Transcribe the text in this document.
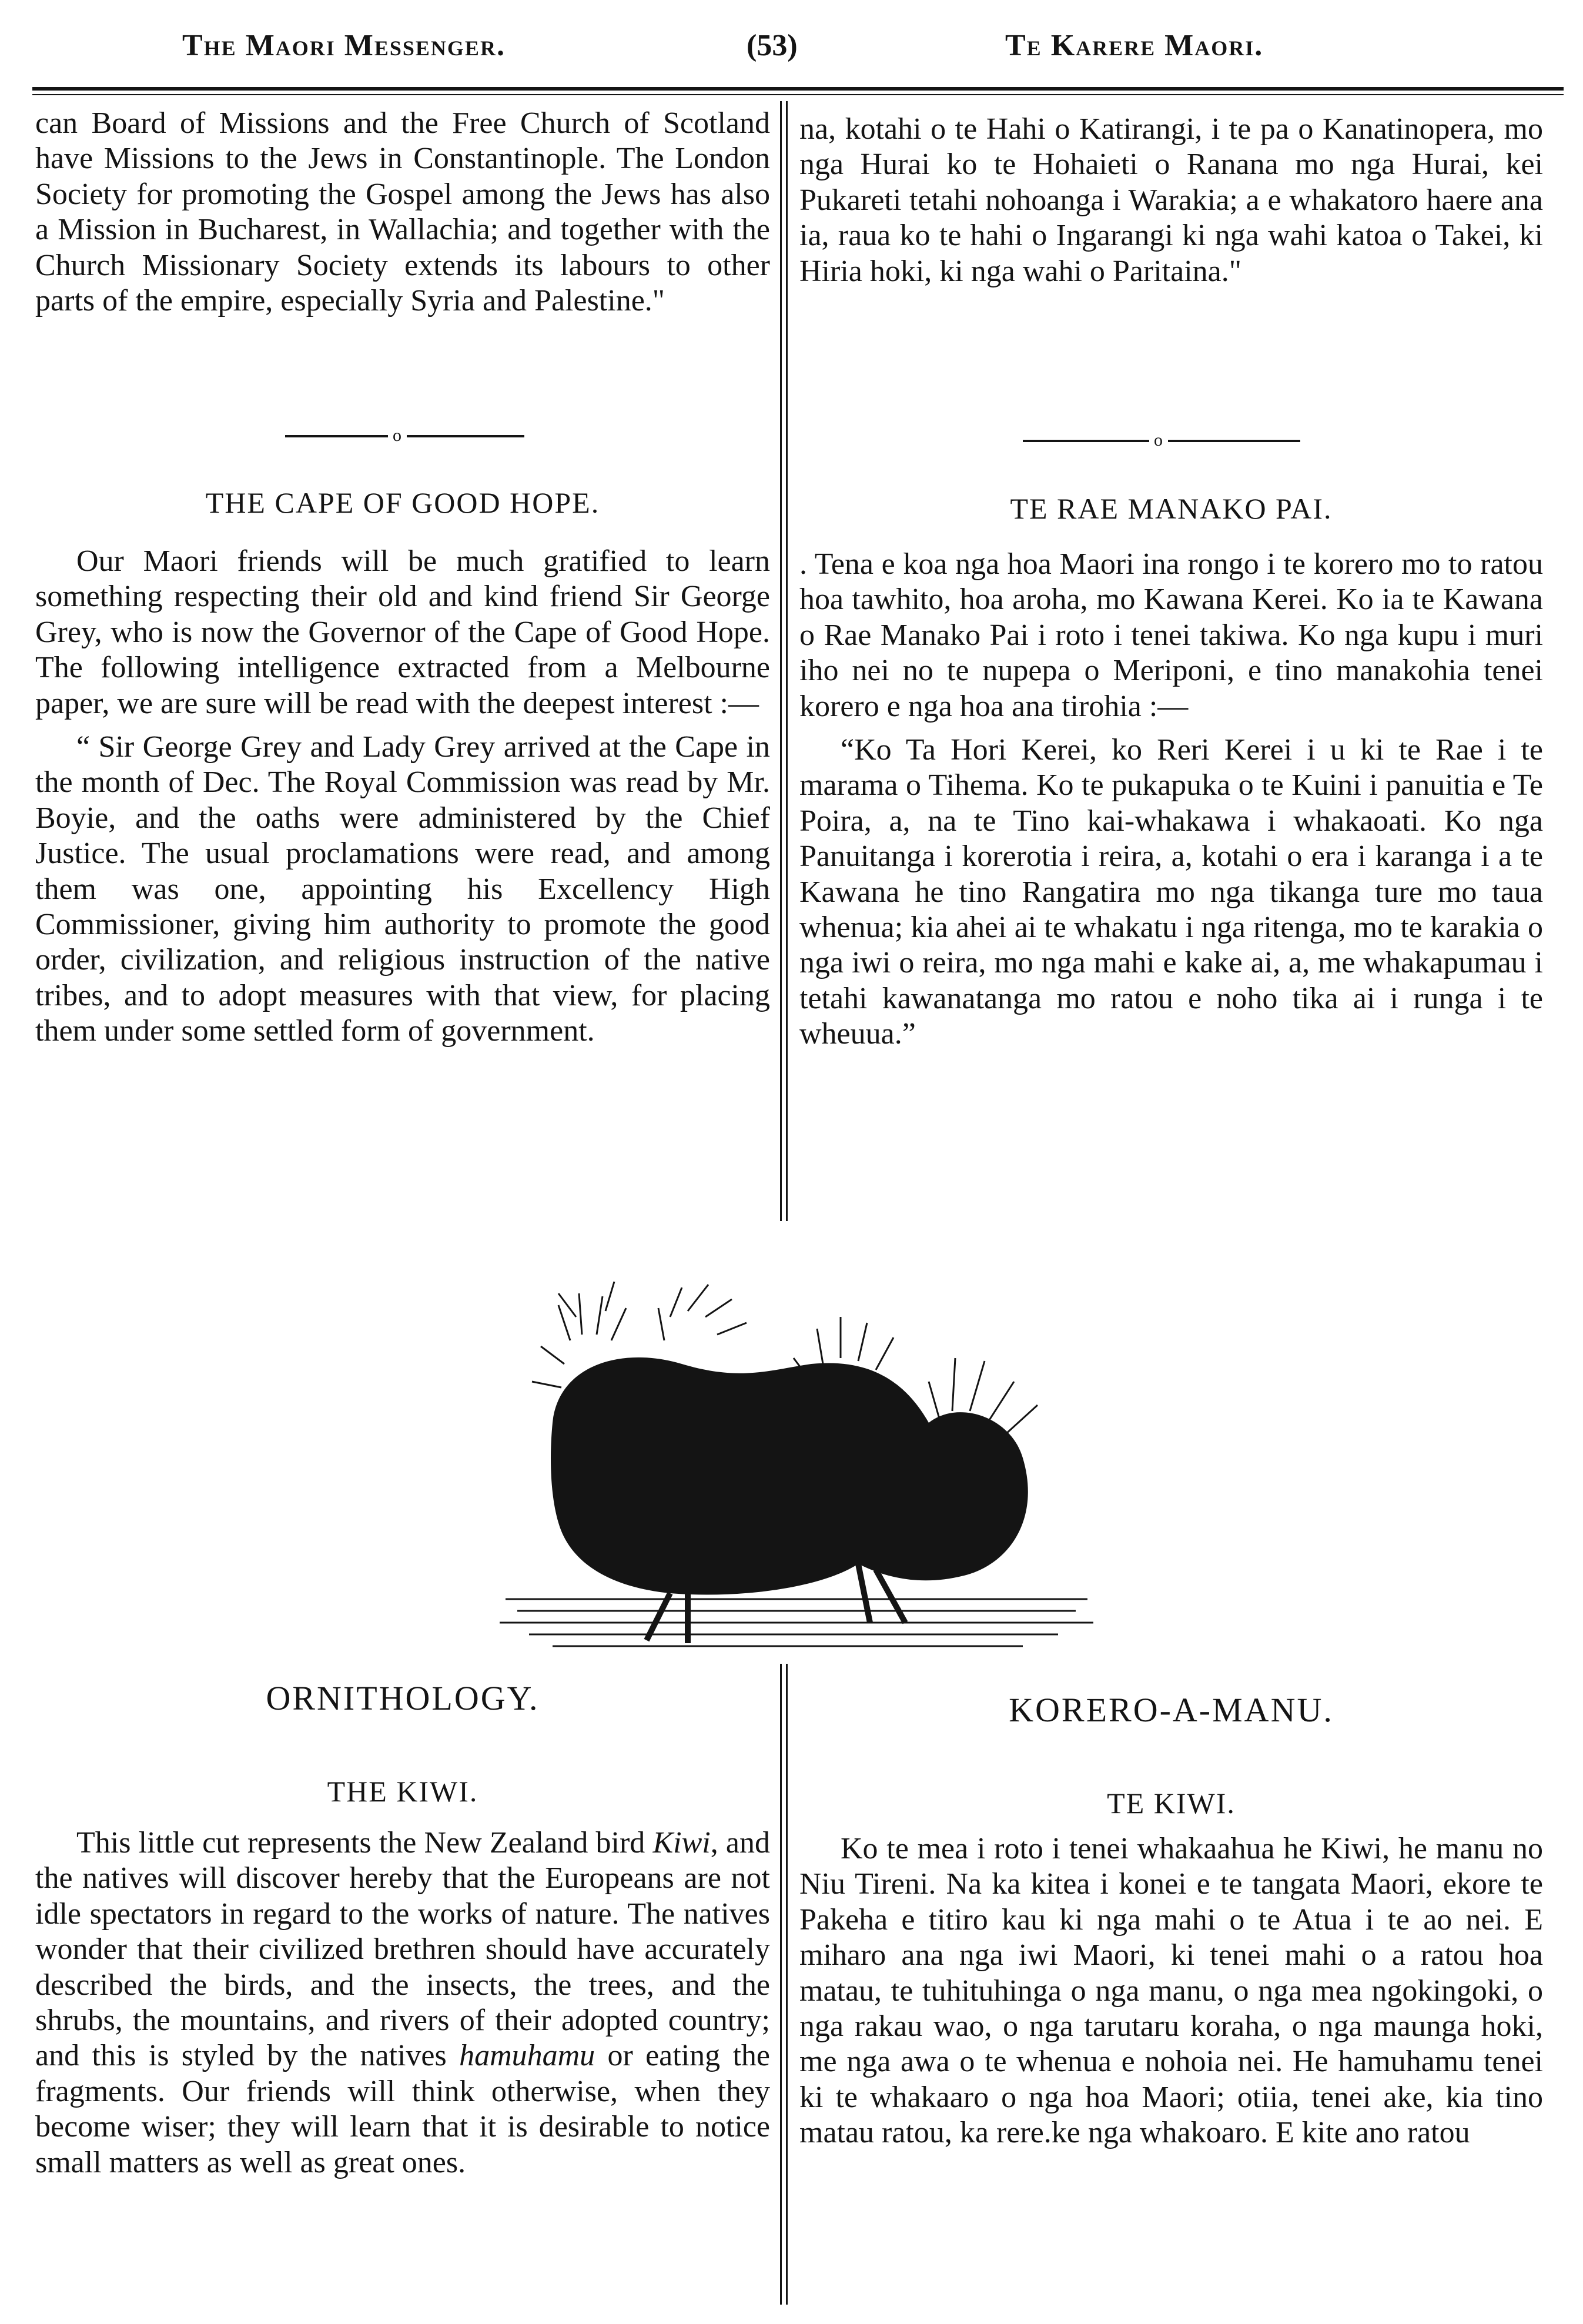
The Maori Messenger.	(53)	Te Karere Maori.

can Board of Missions and the Free Church of Scotland have Missions to the Jews in Constantinople. The London Society for promoting the Gospel among the Jews has also a Mission in Bucharest, in Wallachia; and together with the Church Missionary Society extends its labours to other parts of the empire, especially Syria and Palestine."

na, kotahi o te Hahi o Katirangi, i te pa o Kanatinopera, mo nga Hurai ko te Hohaieti o Ranana mo nga Hurai, kei Pukareti tetahi nohoanga i Warakia; a e whakatoro haere ana ia, raua ko te hahi o Ingarangi ki nga wahi katoa o Takei, ki Hiria hoki, ki nga wahi o Paritaina."

o	o
THE CAPE OF GOOD HOPE.	TE RAE MANAKO PAI.

Our Maori friends will be much gratified to learn something respecting their old and kind friend Sir George Grey, who is now the Governor of the Cape of Good Hope. The following intelligence extracted from a Melbourne paper, we are sure will be read with the deepest interest :—

“ Sir George Grey and Lady Grey arrived at the Cape in the month of Dec. The Royal Commission was read by Mr. Boyie, and the oaths were administered by the Chief Justice. The usual proclamations were read, and among them was one, appointing his Excellency High Commissioner, giving him authority to promote the good order, civilization, and religious instruction of the native tribes, and to adopt measures with that view, for placing them under some settled form of government.

. Tena e koa nga hoa Maori ina rongo i te korero mo to ratou hoa tawhito, hoa aroha, mo Kawana Kerei. Ko ia te Kawana o Rae Manako Pai i roto i tenei takiwa. Ko nga kupu i muri iho nei no te nupepa o Meriponi, e tino manakohia tenei korero e nga hoa ana tirohia :—

“Ko Ta Hori Kerei, ko Reri Kerei i u ki te Rae i te marama o Tihema. Ko te pukapuka o te Kuini i panuitia e Te Poira, a, na te Tino kai-whakawa i whakaoati. Ko nga Panuitanga i korerotia i reira, a, kotahi o era i karanga i a te Kawana he tino Rangatira mo nga tikanga ture mo taua whenua; kia ahei ai te whakatu i nga ritenga, mo te karakia o nga iwi o reira, mo nga mahi e kake ai, a, me whakapumau i tetahi kawanatanga mo ratou e noho tika ai i runga i te wheuua.”

ORNITHOLOGY.	KORERO-A-MANU.
THE KIWI.	TE KIWI.

This little cut represents the New Zealand bird Kiwi, and the natives will discover hereby that the Europeans are not idle spectators in regard to the works of nature. The natives wonder that their civilized brethren should have accurately described the birds, and the insects, the trees, and the shrubs, the mountains, and rivers of their adopted country; and this is styled by the natives hamuhamu or eating the fragments. Our friends will think otherwise, when they become wiser; they will learn that it is desirable to notice small matters as well as great ones.

Ko te mea i roto i tenei whakaahua he Kiwi, he manu no Niu Tireni. Na ka kitea i konei e te tangata Maori, ekore te Pakeha e titiro kau ki nga mahi o te Atua i te ao nei. E miharo ana nga iwi Maori, ki tenei mahi o a ratou hoa matau, te tuhituhinga o nga manu, o nga mea ngokingoki, o nga rakau wao, o nga tarutaru koraha, o nga maunga hoki, me nga awa o te whenua e nohoia nei. He hamuhamu tenei ki te whakaaro o nga hoa Maori; otiia, tenei ake, kia tino matau ratou, ka rere.ke nga whakoaro. E kite ano ratou
